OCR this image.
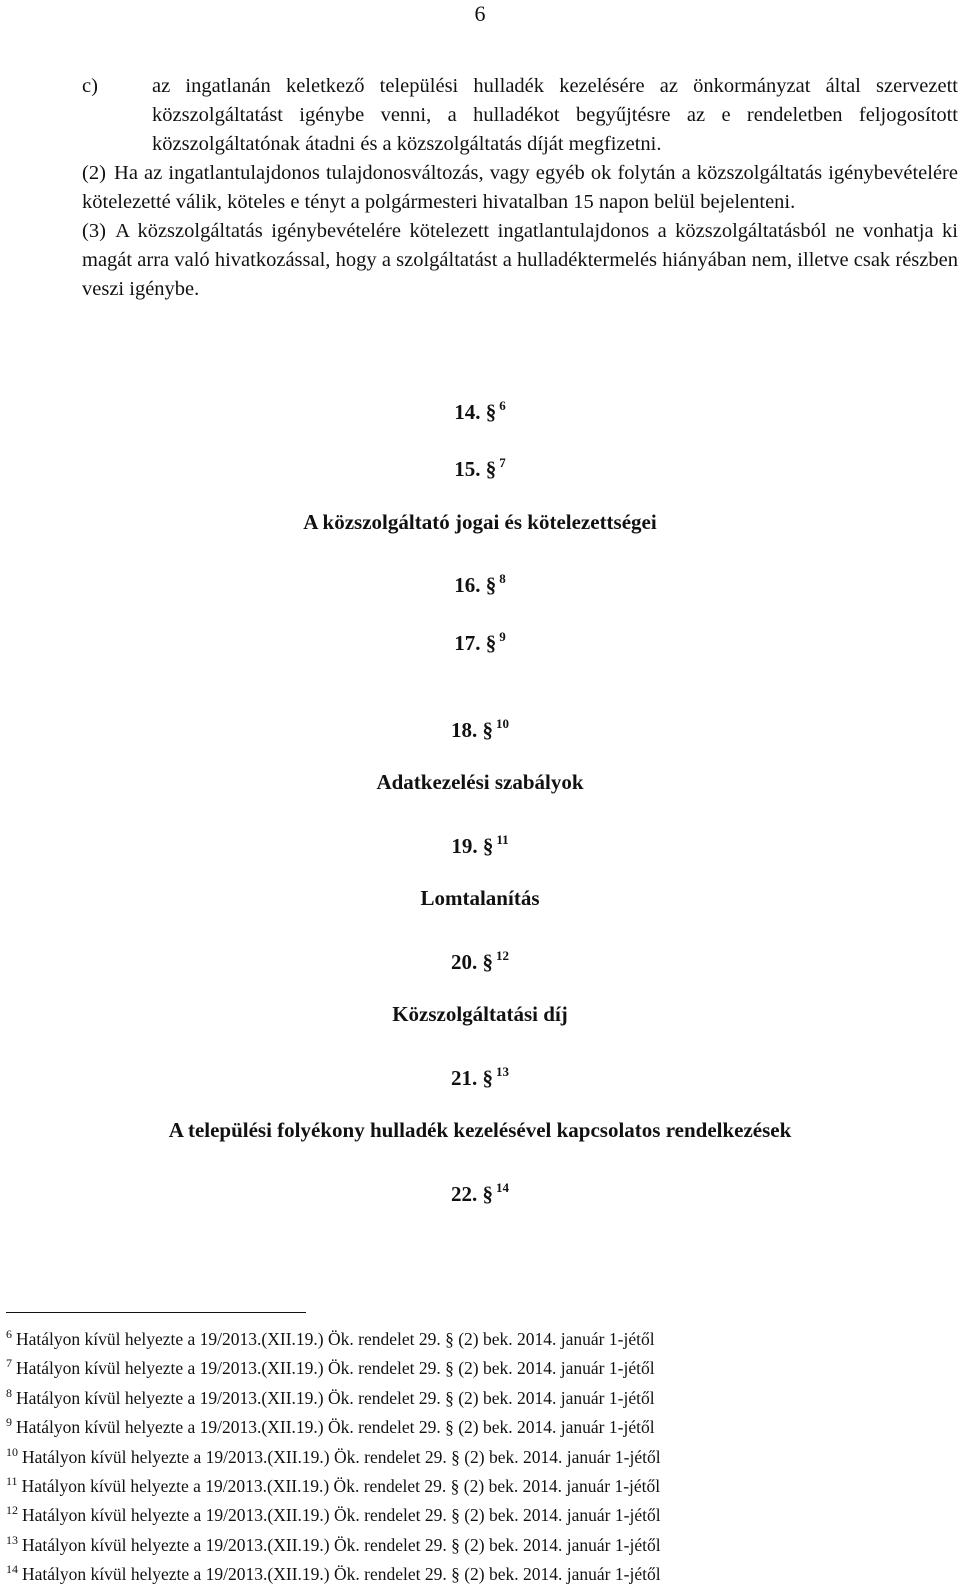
6
c)	az ingatlanán keletkező települési hulladék kezelésére az önkormányzat által szervezett közszolgáltatást igénybe venni, a hulladékot begyűjtésre az e rendeletben feljogosított közszolgáltatónak átadni és a közszolgáltatás díját megfizetni.
(2) Ha az ingatlantulajdonos tulajdonosváltozás, vagy egyéb ok folytán a közszolgáltatás igénybevételére kötelezetté válik, köteles e tényt a polgármesteri hivatalban 15 napon belül bejelenteni.
(3) A közszolgáltatás igénybevételére kötelezett ingatlantulajdonos a közszolgáltatásból ne vonhatja ki magát arra való hivatkozással, hogy a szolgáltatást a hulladéktermelés hiányában nem, illetve csak részben veszi igénybe.
14. § $^6$
15. § $^7$
A közszolgáltató jogai és kötelezettségei
16. § $^8$
17. § $^9$
18. § $^{10}$
Adatkezelési szabályok
19. § $^{11}$
Lomtalanítás
20. § $^{12}$
Közszolgáltatási díj
21. § $^{13}$
A települési folyékony hulladék kezelésével kapcsolatos rendelkezések
22. § $^{14}$
$^6$ Hatályon kívül helyezte a 19/2013.(XII.19.) Ök. rendelet 29. § (2) bek. 2014. január 1-jétől
$^7$ Hatályon kívül helyezte a 19/2013.(XII.19.) Ök. rendelet 29. § (2) bek. 2014. január 1-jétől
$^8$ Hatályon kívül helyezte a 19/2013.(XII.19.) Ök. rendelet 29. § (2) bek. 2014. január 1-jétől
$^9$ Hatályon kívül helyezte a 19/2013.(XII.19.) Ök. rendelet 29. § (2) bek. 2014. január 1-jétől
$^{10}$ Hatályon kívül helyezte a 19/2013.(XII.19.) Ök. rendelet 29. § (2) bek. 2014. január 1-jétől
$^{11}$ Hatályon kívül helyezte a 19/2013.(XII.19.) Ök. rendelet 29. § (2) bek. 2014. január 1-jétől
$^{12}$ Hatályon kívül helyezte a 19/2013.(XII.19.) Ök. rendelet 29. § (2) bek. 2014. január 1-jétől
$^{13}$ Hatályon kívül helyezte a 19/2013.(XII.19.) Ök. rendelet 29. § (2) bek. 2014. január 1-jétől
$^{14}$ Hatályon kívül helyezte a 19/2013.(XII.19.) Ök. rendelet 29. § (2) bek. 2014. január 1-jétől
